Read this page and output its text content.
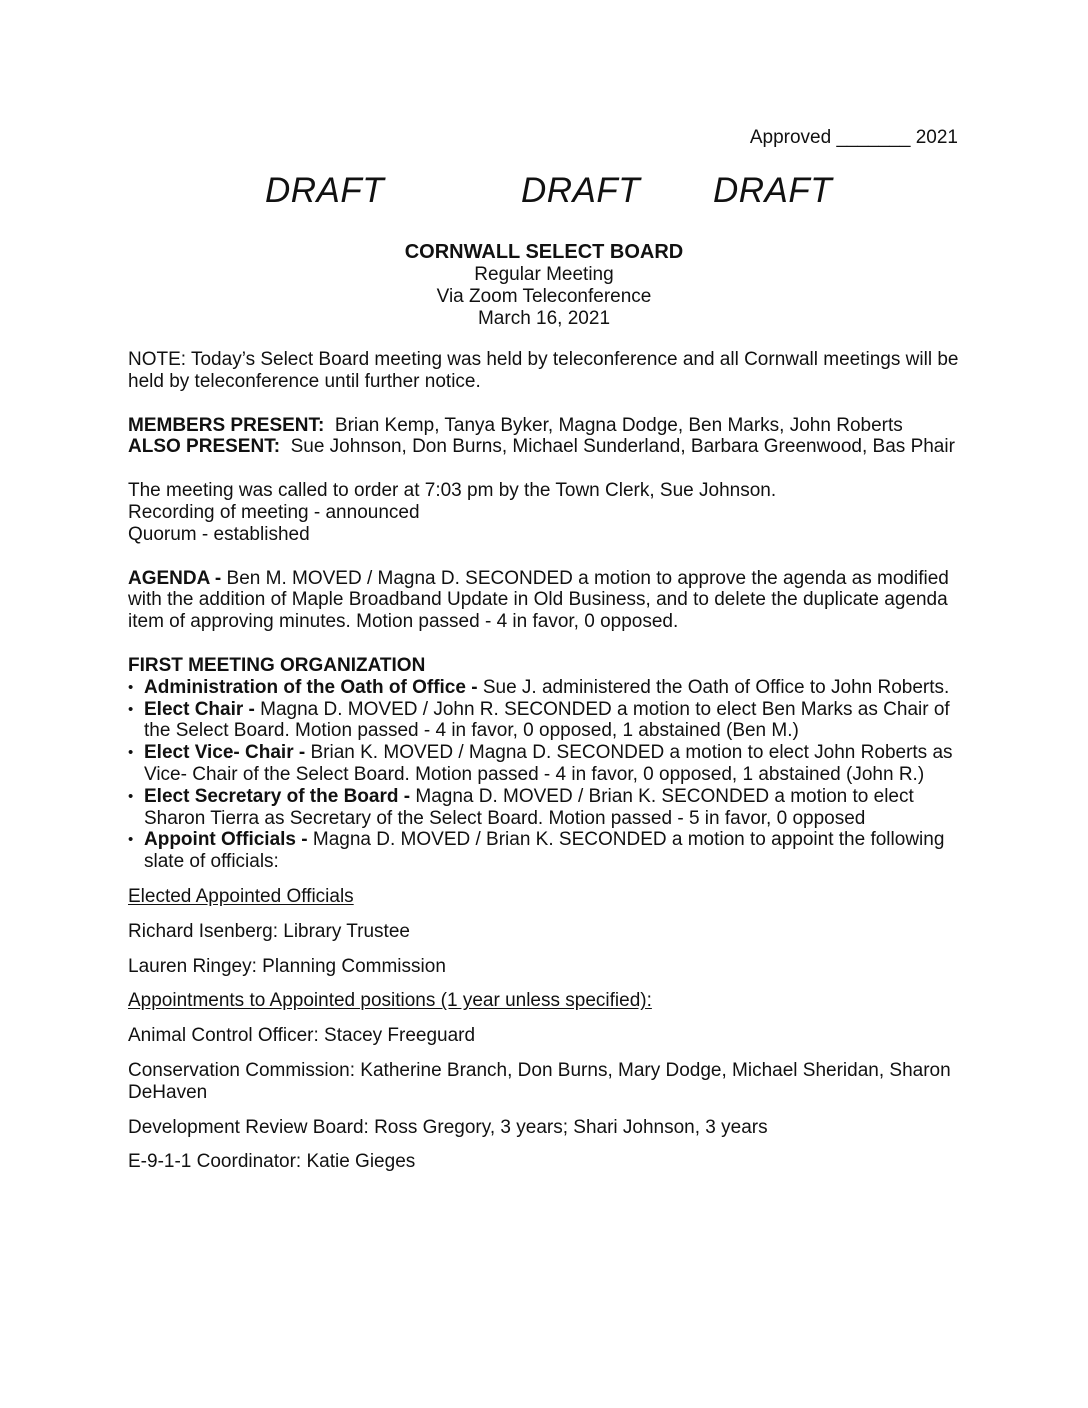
Approved _______ 2021
DRAFT	DRAFT DRAFT
CORNWALL SELECT BOARD
Regular Meeting
Via Zoom Teleconference
March 16, 2021

NOTE: Today’s Select Board meeting was held by teleconference and all Cornwall meetings will be held by teleconference until further notice.

MEMBERS PRESENT: Brian Kemp, Tanya Byker, Magna Dodge, Ben Marks, John Roberts

ALSO PRESENT: Sue Johnson, Don Burns, Michael Sunderland, Barbara Greenwood, Bas Phair

The meeting was called to order at 7:03 pm by the Town Clerk, Sue Johnson.

Recording of meeting - announced

Quorum - established

AGENDA - Ben M. MOVED / Magna D. SECONDED a motion to approve the agenda as modified with the addition of Maple Broadband Update in Old Business, and to delete the duplicate agenda item of approving minutes. Motion passed - 4 in favor, 0 opposed.

FIRST MEETING ORGANIZATION

• Administration of the Oath of Office - Sue J. administered the Oath of Office to John Roberts.
• Elect Chair - Magna D. MOVED / John R. SECONDED a motion to elect Ben Marks as Chair of the Select Board. Motion passed - 4 in favor, 0 opposed, 1 abstained (Ben M.)
• Elect Vice- Chair - Brian K. MOVED / Magna D. SECONDED a motion to elect John Roberts as Vice- Chair of the Select Board. Motion passed - 4 in favor, 0 opposed, 1 abstained (John R.)
• Elect Secretary of the Board - Magna D. MOVED / Brian K. SECONDED a motion to elect Sharon Tierra as Secretary of the Select Board. Motion passed - 5 in favor, 0 opposed
• Appoint Officials - Magna D. MOVED / Brian K. SECONDED a motion to appoint the following slate of officials:

Elected Appointed Officials

Richard Isenberg: Library Trustee

Lauren Ringey: Planning Commission

Appointments to Appointed positions (1 year unless specified):

Animal Control Officer: Stacey Freeguard

Conservation Commission: Katherine Branch, Don Burns, Mary Dodge, Michael Sheridan, Sharon DeHaven

Development Review Board: Ross Gregory, 3 years; Shari Johnson, 3 years

E-9-1-1 Coordinator: Katie Gieges
